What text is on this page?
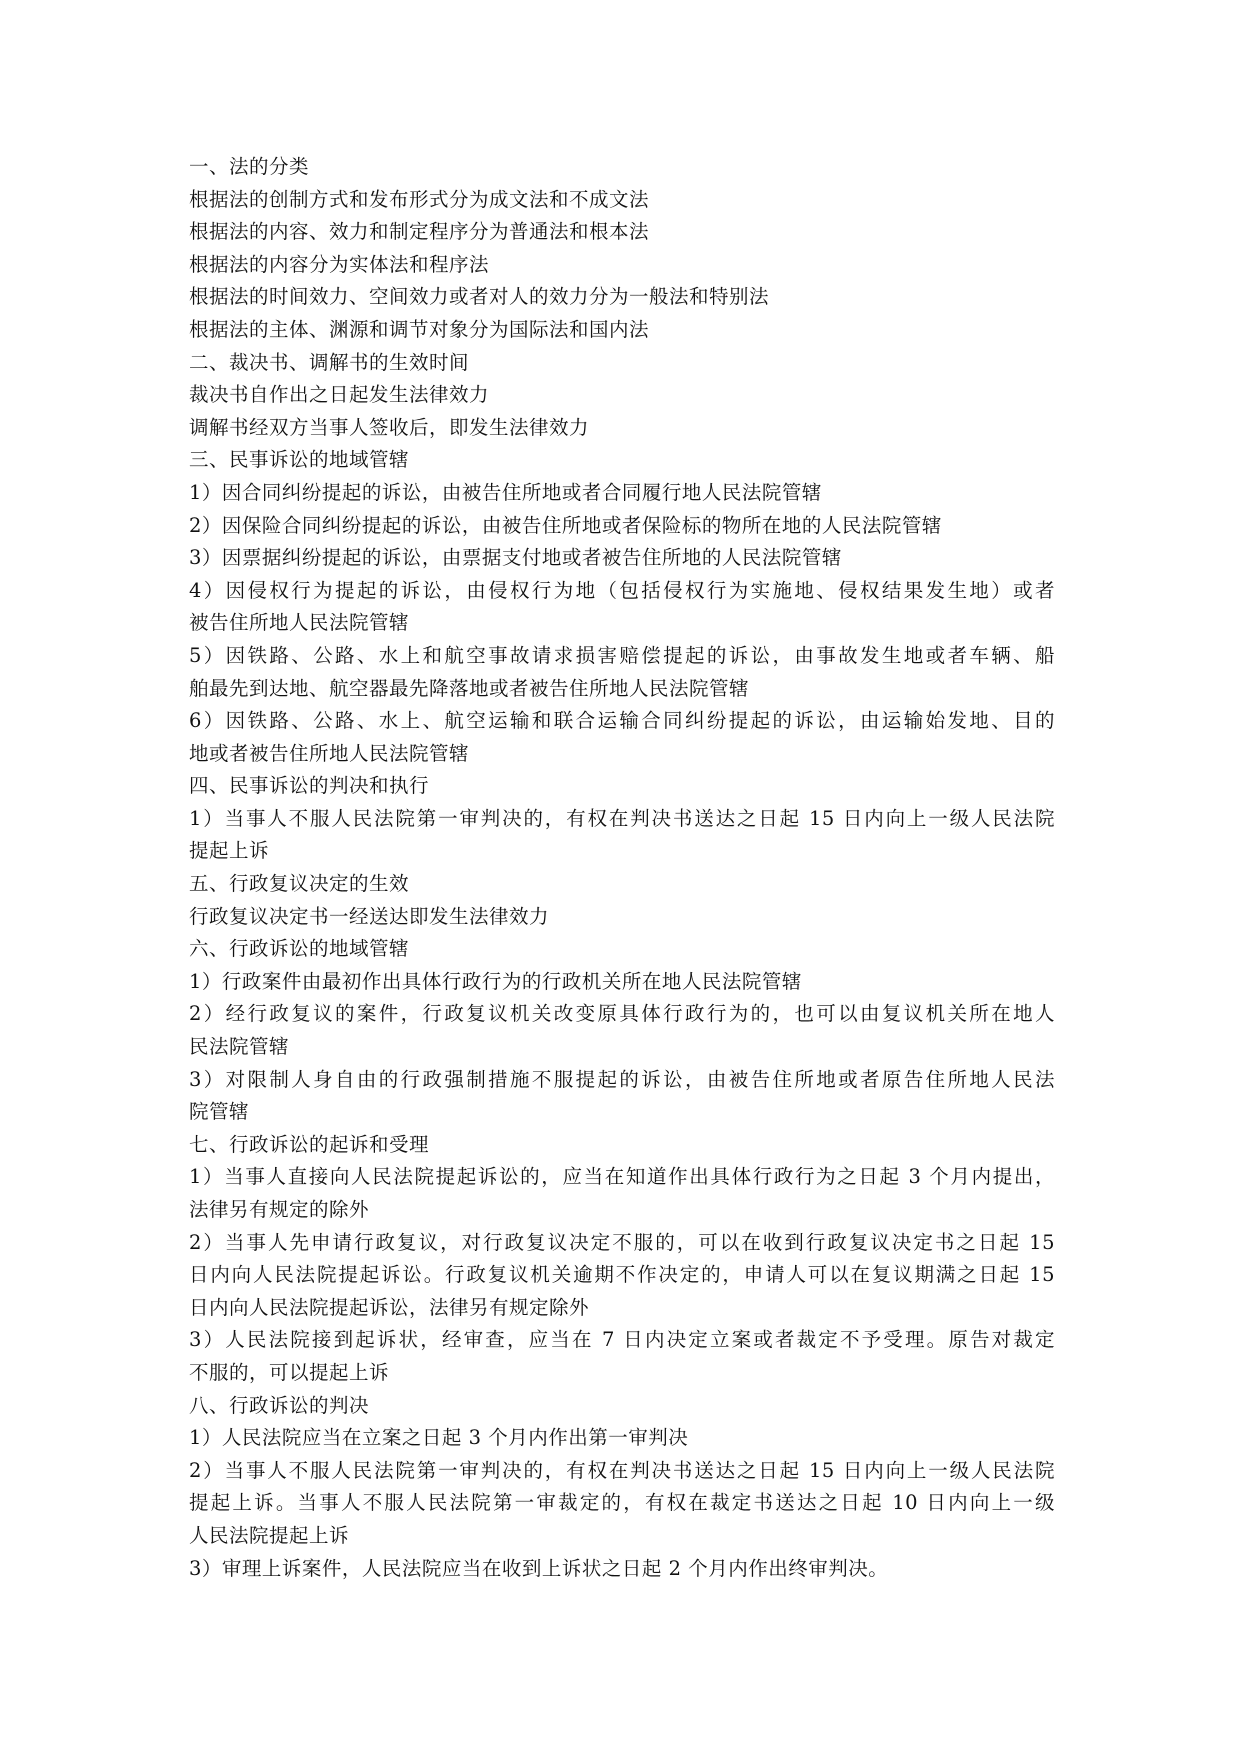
一、法的分类
根据法的创制方式和发布形式分为成文法和不成文法
根据法的内容、效力和制定程序分为普通法和根本法
根据法的内容分为实体法和程序法
根据法的时间效力、空间效力或者对人的效力分为一般法和特别法
根据法的主体、渊源和调节对象分为国际法和国内法
二、裁决书、调解书的生效时间
裁决书自作出之日起发生法律效力
调解书经双方当事人签收后，即发生法律效力
三、民事诉讼的地域管辖
1）因合同纠纷提起的诉讼，由被告住所地或者合同履行地人民法院管辖
2）因保险合同纠纷提起的诉讼，由被告住所地或者保险标的物所在地的人民法院管辖
3）因票据纠纷提起的诉讼，由票据支付地或者被告住所地的人民法院管辖
4）因侵权行为提起的诉讼，由侵权行为地（包括侵权行为实施地、侵权结果发生地）或者
被告住所地人民法院管辖
5）因铁路、公路、水上和航空事故请求损害赔偿提起的诉讼，由事故发生地或者车辆、船
舶最先到达地、航空器最先降落地或者被告住所地人民法院管辖
6）因铁路、公路、水上、航空运输和联合运输合同纠纷提起的诉讼，由运输始发地、目的
地或者被告住所地人民法院管辖
四、民事诉讼的判决和执行
1）当事人不服人民法院第一审判决的，有权在判决书送达之日起 15 日内向上一级人民法院
提起上诉
五、行政复议决定的生效
行政复议决定书一经送达即发生法律效力
六、行政诉讼的地域管辖
1）行政案件由最初作出具体行政行为的行政机关所在地人民法院管辖
2）经行政复议的案件，行政复议机关改变原具体行政行为的，也可以由复议机关所在地人
民法院管辖
3）对限制人身自由的行政强制措施不服提起的诉讼，由被告住所地或者原告住所地人民法
院管辖
七、行政诉讼的起诉和受理
1）当事人直接向人民法院提起诉讼的，应当在知道作出具体行政行为之日起 3 个月内提出，
法律另有规定的除外
2）当事人先申请行政复议，对行政复议决定不服的，可以在收到行政复议决定书之日起 15
日内向人民法院提起诉讼。行政复议机关逾期不作决定的，申请人可以在复议期满之日起 15
日内向人民法院提起诉讼，法律另有规定除外
3）人民法院接到起诉状，经审查，应当在 7 日内决定立案或者裁定不予受理。原告对裁定
不服的，可以提起上诉
八、行政诉讼的判决
1）人民法院应当在立案之日起 3 个月内作出第一审判决
2）当事人不服人民法院第一审判决的，有权在判决书送达之日起 15 日内向上一级人民法院
提起上诉。当事人不服人民法院第一审裁定的，有权在裁定书送达之日起 10 日内向上一级
人民法院提起上诉
3）审理上诉案件，人民法院应当在收到上诉状之日起 2 个月内作出终审判决。
